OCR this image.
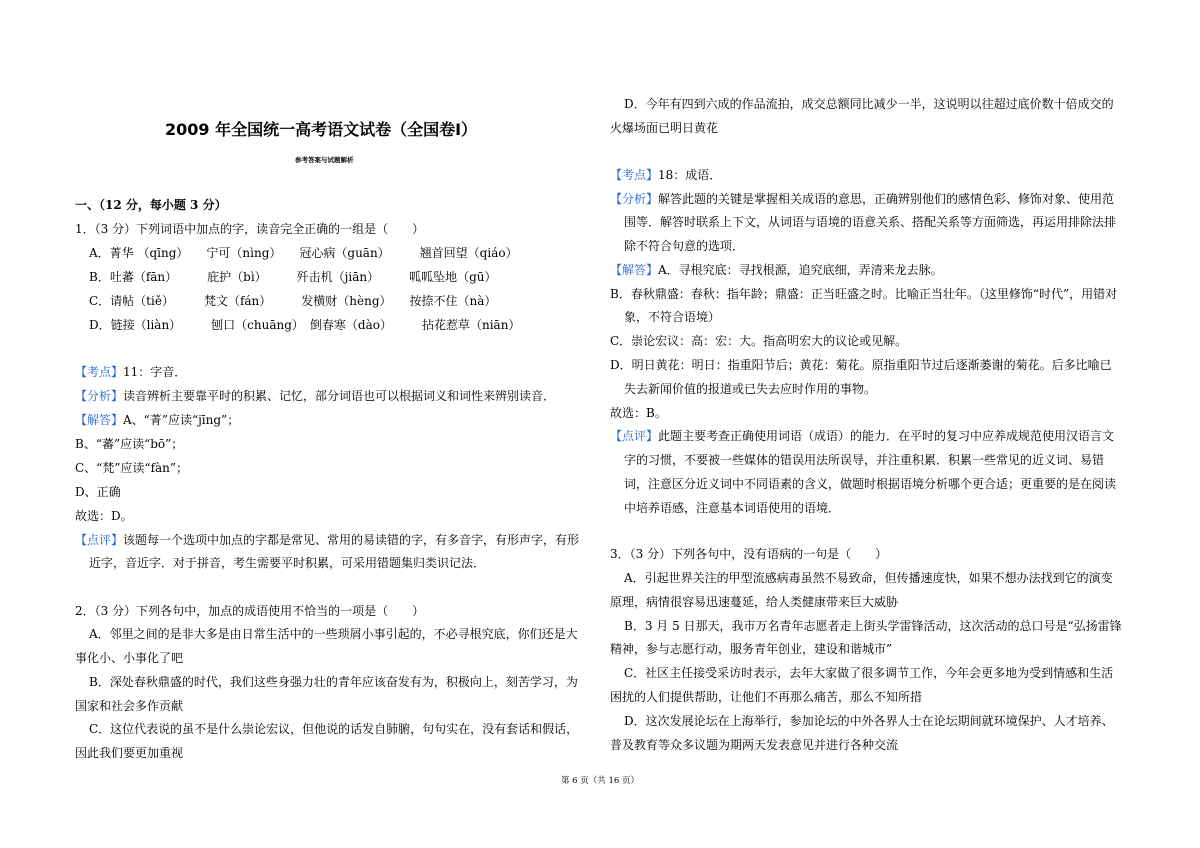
2009 年全国统一高考语文试卷（全国卷Ⅰ）
参考答案与试题解析
一、（12 分，每小题 3 分）
1．（3 分）下列词语中加点的字，读音完全正确的一组是（　　）
A．菁华 （qīng）　　宁可（nìng）　　冠心病（guān）　　　翘首回望（qiáo）
B．吐蕃（fān）　　　庇护（bì）　　　歼击机（jiān）　　　呱呱坠地（gū）
C．请帖（tiě）　　　梵文（fán）　　　发横财（hèng）　　按捺不住（nà）
D．链接（liàn）　　　刨口（chuāng）　倒春寒（dào）　　　拈花惹草（niān）
【考点】11：字音．
【分析】读音辨析主要靠平时的积累、记忆，部分词语也可以根据词义和词性来辨别读音．
【解答】A、“菁”应读“jīng”；
B、“蕃”应读“bō”；
C、“梵”应读“fàn”；
D、正确
故选：D。
【点评】该题每一个选项中加点的字都是常见、常用的易读错的字，有多音字，有形声字，有形
近字，音近字．对于拼音，考生需要平时积累，可采用错题集归类识记法．
2．（3 分）下列各句中，加点的成语使用不恰当的一项是（　　）
A．邻里之间的是非大多是由日常生活中的一些琐屑小事引起的，不必寻根究底，你们还是大
事化小、小事化了吧
B．深处春秋鼎盛的时代，我们这些身强力壮的青年应该奋发有为，积极向上，刻苦学习，为
国家和社会多作贡献
C．这位代表说的虽不是什么崇论宏议，但他说的话发自肺腑，句句实在，没有套话和假话，
因此我们要更加重视
D．今年有四到六成的作品流拍，成交总额同比减少一半，这说明以往超过底价数十倍成交的
火爆场面已明日黄花
【考点】18：成语．
【分析】解答此题的关键是掌握相关成语的意思，正确辨别他们的感情色彩、修饰对象、使用范
围等．解答时联系上下文，从词语与语境的语意关系、搭配关系等方面筛选，再运用排除法排
除不符合句意的选项．
【解答】A．寻根究底：寻找根源，追究底细，弄清来龙去脉。
B．春秋鼎盛：春秋：指年龄；鼎盛：正当旺盛之时。比喻正当壮年。（这里修饰“时代”，用错对
象，不符合语境）
C．崇论宏议：高：宏：大。指高明宏大的议论或见解。
D．明日黄花：明日：指重阳节后；黄花：菊花。原指重阳节过后逐渐萎谢的菊花。后多比喻已
失去新闻价值的报道或已失去应时作用的事物。
故选：B。
【点评】此题主要考查正确使用词语（成语）的能力．在平时的复习中应养成规范使用汉语言文
字的习惯，不要被一些媒体的错误用法所误导，并注重积累．积累一些常见的近义词、易错
词，注意区分近义词中不同语素的含义，做题时根据语境分析哪个更合适；更重要的是在阅读
中培养语感，注意基本词语使用的语境．
3．（3 分）下列各句中，没有语病的一句是（　　）
A．引起世界关注的甲型流感病毒虽然不易致命，但传播速度快，如果不想办法找到它的演变
原理，病情很容易迅速蔓延，给人类健康带来巨大威胁
B．3 月 5 日那天，我市万名青年志愿者走上街头学雷锋活动，这次活动的总口号是“弘扬雷锋
精神，参与志愿行动，服务青年创业，建设和谐城市”
C．社区主任接受采访时表示，去年大家做了很多调节工作，今年会更多地为受到情感和生活
困扰的人们提供帮助，让他们不再那么痛苦，那么不知所措
D．这次发展论坛在上海举行，参加论坛的中外各界人士在论坛期间就环境保护、人才培养、
普及教育等众多议题为期两天发表意见并进行各种交流
第 6 页（共 16 页）
